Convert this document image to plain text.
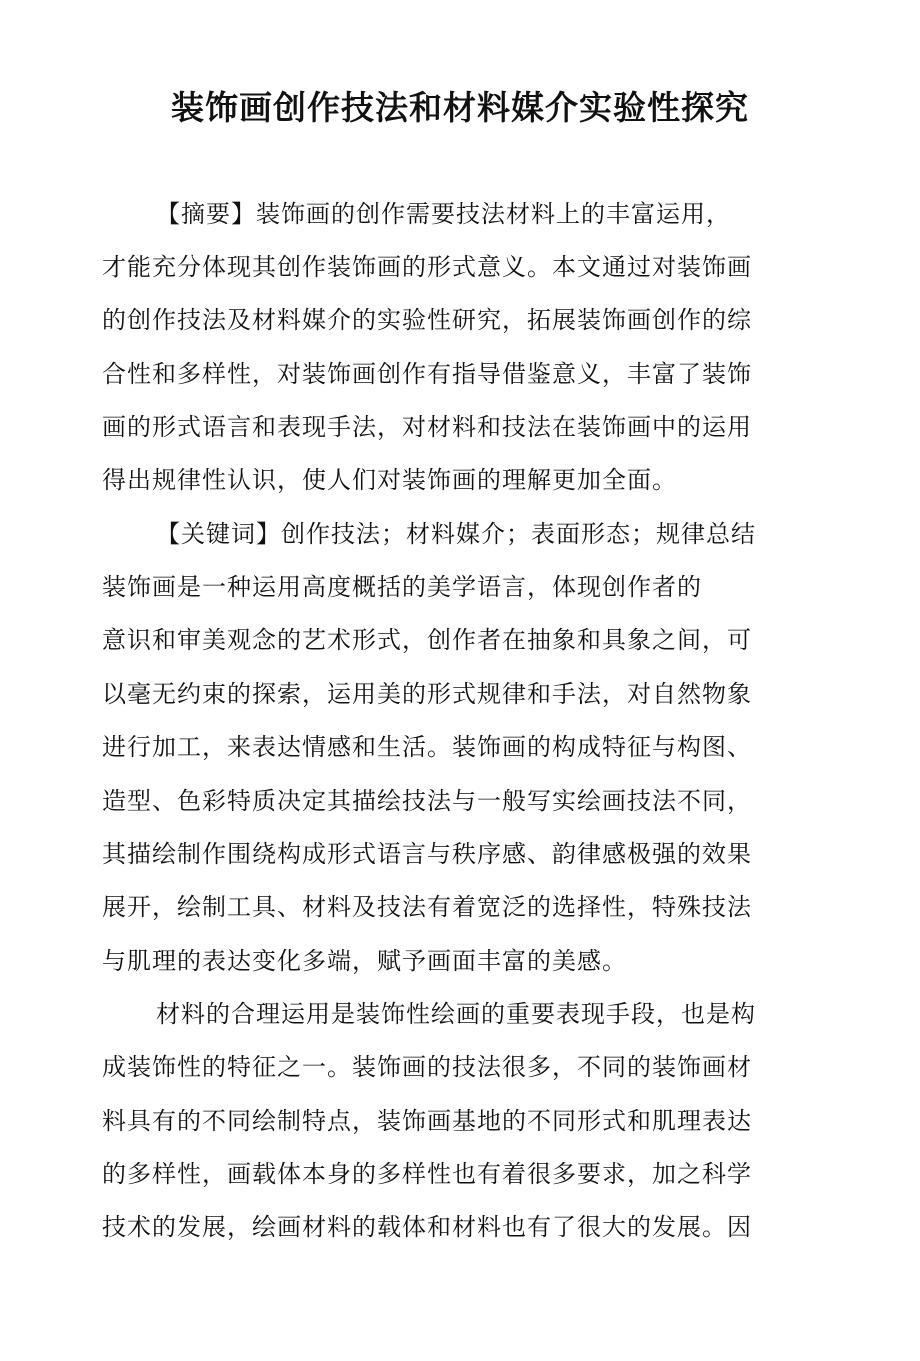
装饰画创作技法和材料媒介实验性探究
【摘要】装饰画的创作需要技法材料上的丰富运用，
才能充分体现其创作装饰画的形式意义。本文通过对装饰画
的创作技法及材料媒介的实验性研究，拓展装饰画创作的综
合性和多样性，对装饰画创作有指导借鉴意义，丰富了装饰
画的形式语言和表现手法，对材料和技法在装饰画中的运用
得出规律性认识，使人们对装饰画的理解更加全面。
【关键词】创作技法；材料媒介；表面形态；规律总结
装饰画是一种运用高度概括的美学语言，体现创作者的
意识和审美观念的艺术形式，创作者在抽象和具象之间，可
以毫无约束的探索，运用美的形式规律和手法，对自然物象
进行加工，来表达情感和生活。装饰画的构成特征与构图、
造型、色彩特质决定其描绘技法与一般写实绘画技法不同，
其描绘制作围绕构成形式语言与秩序感、韵律感极强的效果
展开，绘制工具、材料及技法有着宽泛的选择性，特殊技法
与肌理的表达变化多端，赋予画面丰富的美感。
材料的合理运用是装饰性绘画的重要表现手段，也是构
成装饰性的特征之一。装饰画的技法很多，不同的装饰画材
料具有的不同绘制特点，装饰画基地的不同形式和肌理表达
的多样性，画载体本身的多样性也有着很多要求，加之科学
技术的发展，绘画材料的载体和材料也有了很大的发展。因
